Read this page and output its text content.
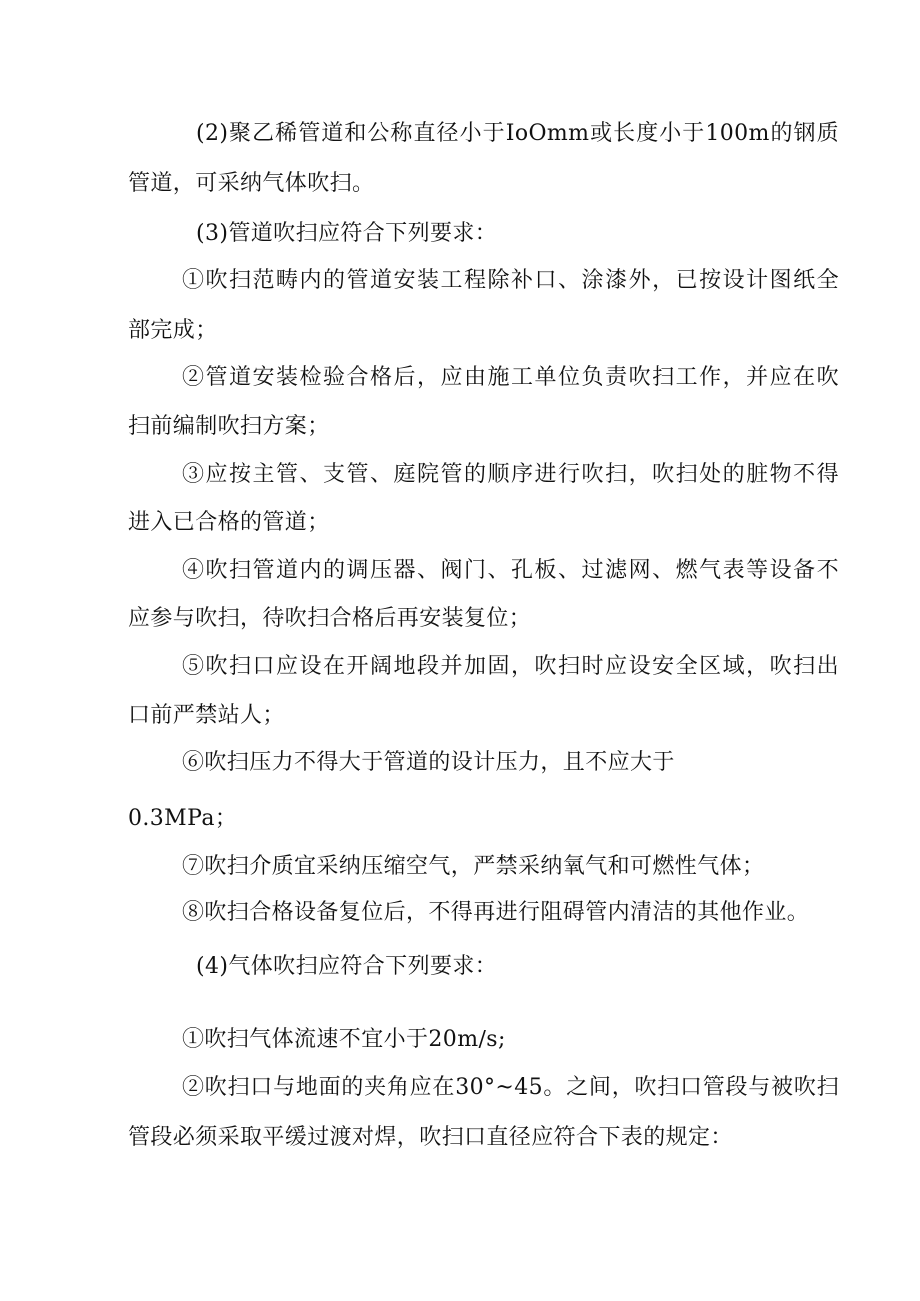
(2)聚乙稀管道和公称直径小于IoOmm或长度小于100m的钢质
管道，可采纳气体吹扫。
(3)管道吹扫应符合下列要求：
①吹扫范畴内的管道安装工程除补口、涂漆外，已按设计图纸全
部完成；
②管道安装检验合格后，应由施工单位负责吹扫工作，并应在吹
扫前编制吹扫方案；
③应按主管、支管、庭院管的顺序进行吹扫，吹扫处的脏物不得
进入已合格的管道；
④吹扫管道内的调压器、阀门、孔板、过滤网、燃气表等设备不
应参与吹扫，待吹扫合格后再安装复位；
⑤吹扫口应设在开阔地段并加固，吹扫时应设安全区域，吹扫出
口前严禁站人；
⑥吹扫压力不得大于管道的设计压力，且不应大于
0.3MPa；
⑦吹扫介质宜采纳压缩空气，严禁采纳氧气和可燃性气体；
⑧吹扫合格设备复位后，不得再进行阻碍管内清洁的其他作业。
(4)气体吹扫应符合下列要求：
①吹扫气体流速不宜小于20m∕s;
②吹扫口与地面的夹角应在30°~45。之间，吹扫口管段与被吹扫
管段必须采取平缓过渡对焊，吹扫口直径应符合下表的规定：
